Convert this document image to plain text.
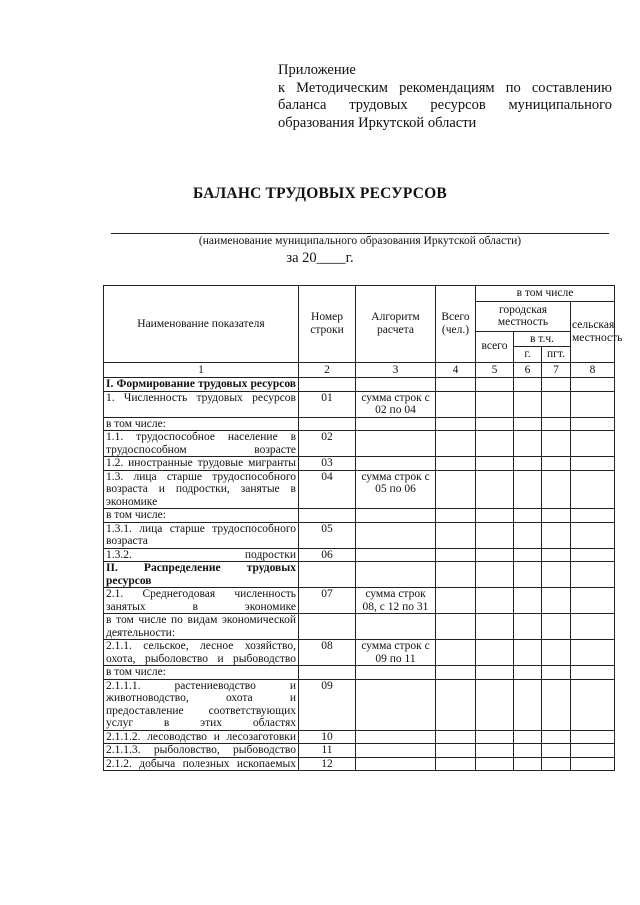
Приложение
к Методическим рекомендациям по составлению
баланса трудовых ресурсов муниципального
образования Иркутской области
БАЛАНС ТРУДОВЫХ РЕСУРСОВ
(наименование муниципального образования Иркутской области)
за 20____г.
Наименование показателя	Номер строки	Алгоритм расчета	Всего (чел.)	в том числе			
				городская местность			сельская местность
				всего	в т.ч.		
					г.	пгт.	
1	2	3	4	5	6	7	8
I. Формирование трудовых ресурсов							
1. Численность трудовых ресурсов	01	сумма строк с 02 по 04					
в том числе:							
1.1. трудоспособное население в трудоспособном возрасте	02						
1.2. иностранные трудовые мигранты	03						
1.3. лица старше трудоспособного возраста и подростки, занятые в экономике	04	сумма строк с 05 по 06					
в том числе:							
1.3.1. лица старше трудоспособного возраста	05						
1.3.2. подростки	06						
II. Распределение трудовых ресурсов							
2.1. Среднегодовая численность занятых в экономике	07	сумма строк 08, с 12 по 31					
в том числе по видам экономической деятельности:							
2.1.1. сельское, лесное хозяйство, охота, рыболовство и рыбоводство	08	сумма строк с 09 по 11					
в том числе:							
2.1.1.1. растениеводство и животноводство, охота и предоставление соответствующих услуг в этих областях	09						
2.1.1.2. лесоводство и лесозаготовки	10						
2.1.1.3. рыболовство, рыбоводство	11						
2.1.2. добыча полезных ископаемых	12						
